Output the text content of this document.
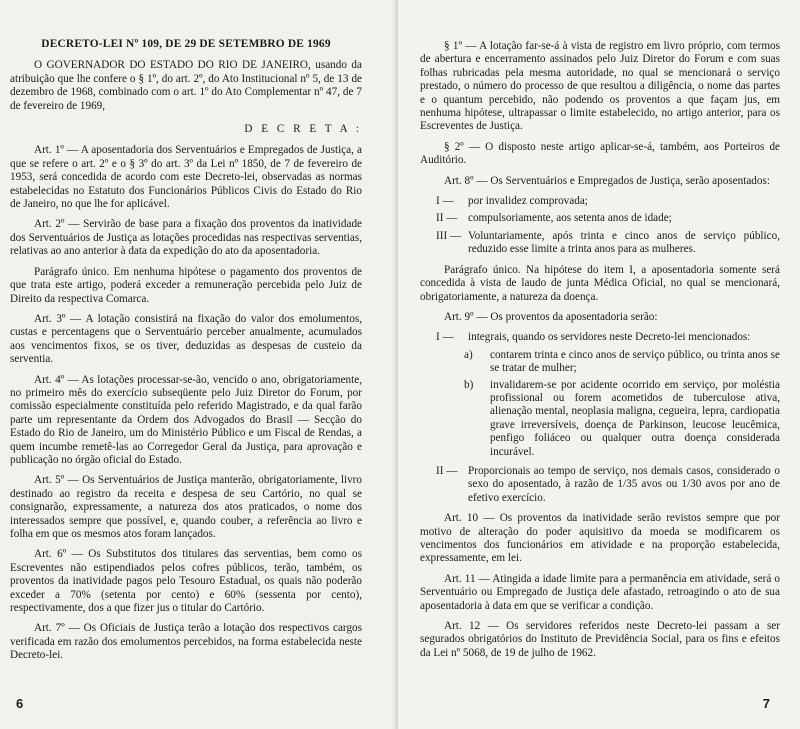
DECRETO-LEI Nº 109, DE 29 DE SETEMBRO DE 1969

O GOVERNADOR DO ESTADO DO RIO DE JANEIRO, usando da atribuição que lhe confere o § 1º, do art. 2º, do Ato Institucional nº 5, de 13 de dezembro de 1968, combinado com o art. 1º do Ato Complementar nº 47, de 7 de fevereiro de 1969,

D E C R E T A :

Art. 1º — A aposentadoria dos Serventuários e Empregados de Justiça, a que se refere o art. 2º e o § 3º do art. 3º da Lei nº 1850, de 7 de fevereiro de 1953, será concedida de acordo com este Decreto-lei, observadas as normas estabelecidas no Estatuto dos Funcionários Públicos Civis do Estado do Rio de Janeiro, no que lhe for aplicável.

Art. 2º — Servirão de base para a fixação dos proventos da inatividade dos Serventuários de Justiça as lotações procedidas nas respectivas serventias, relativas ao ano anterior à data da expedição do ato da aposentadoria.

Parágrafo único. Em nenhuma hipótese o pagamento dos proventos de que trata este artigo, poderá exceder a remuneração percebida pelo Juiz de Direito da respectiva Comarca.

Art. 3º — A lotação consistirá na fixação do valor dos emolumentos, custas e percentagens que o Serventuário perceber anualmente, acumulados aos vencimentos fixos, se os tiver, deduzidas as despesas de custeio da serventia.

Art. 4º — As lotações processar-se-ão, vencido o ano, obrigatoriamente, no primeiro mês do exercício subseqüente pelo Juiz Diretor do Forum, por comissão especialmente constituída pelo referido Magistrado, e da qual farão parte um representante da Ordem dos Advogados do Brasil — Secção do Estado do Rio de Janeiro, um do Ministério Público e um Fiscal de Rendas, a quem incumbe remetê-las ao Corregedor Geral da Justiça, para aprovação e publicação no órgão oficial do Estado.

Art. 5º — Os Serventuários de Justiça manterão, obrigatoriamente, livro destinado ao registro da receita e despesa de seu Cartório, no qual se consignarão, expressamente, a natureza dos atos praticados, o nome dos interessados sempre que possível, e, quando couber, a referência ao livro e folha em que os mesmos atos foram lançados.

Art. 6º — Os Substitutos dos titulares das serventias, bem como os Escreventes não estipendiados pelos cofres públicos, terão, também, os proventos da inatividade pagos pelo Tesouro Estadual, os quais não poderão exceder a 70% (setenta por cento) e 60% (sessenta por cento), respectivamente, dos a que fizer jus o titular do Cartório.

Art. 7º — Os Oficiais de Justiça terão a lotação dos respectivos cargos verificada em razão dos emolumentos percebidos, na forma estabelecida neste Decreto-lei.

6

§ 1º — A lotação far-se-á à vista de registro em livro próprio, com termos de abertura e encerramento assinados pelo Juiz Diretor do Forum e com suas folhas rubricadas pela mesma autoridade, no qual se mencionará o serviço prestado, o número do processo de que resultou a diligência, o nome das partes e o quantum percebido, não podendo os proventos a que façam jus, em nenhuma hipótese, ultrapassar o limite estabelecido, no artigo anterior, para os Escreventes de Justiça.

§ 2º — O disposto neste artigo aplicar-se-á, também, aos Porteiros de Auditório.

Art. 8º — Os Serventuários e Empregados de Justiça, serão aposentados:

I — por invalidez comprovada;

II — compulsoriamente, aos setenta anos de idade;

III — Voluntariamente, após trinta e cinco anos de serviço público, reduzido esse limite a trinta anos para as mulheres.

Parágrafo único. Na hipótese do item I, a aposentadoria somente será concedida à vista de laudo de junta Médica Oficial, no qual se mencionará, obrigatoriamente, a natureza da doença.

Art. 9º — Os proventos da aposentadoria serão:

I — integrais, quando os servidores neste Decreto-lei mencionados:

a) contarem trinta e cinco anos de serviço público, ou trinta anos se se tratar de mulher;

b) invalidarem-se por acidente ocorrido em serviço, por moléstia profissional ou forem acometidos de tuberculose ativa, alienação mental, neoplasia maligna, cegueira, lepra, cardiopatia grave irreversíveis, doença de Parkinson, leucose leucêmica, penfigo foliáceo ou qualquer outra doença considerada incurável.

II — Proporcionais ao tempo de serviço, nos demais casos, considerado o sexo do aposentado, à razão de 1/35 avos ou 1/30 avos por ano de efetivo exercício.

Art. 10 — Os proventos da inatividade serão revistos sempre que por motivo de alteração do poder aquisitivo da moeda se modificarem os vencimentos dos funcionários em atividade e na proporção estabelecida, expressamente, em lei.

Art. 11 — Atingida a idade limite para a permanência em atividade, será o Serventuário ou Empregado de Justiça dele afastado, retroagindo o ato de sua aposentadoria à data em que se verificar a condição.

Art. 12 — Os servidores referidos neste Decreto-lei passam a ser segurados obrigatórios do Instituto de Previdência Social, para os fins e efeitos da Lei nº 5068, de 19 de julho de 1962.

7
